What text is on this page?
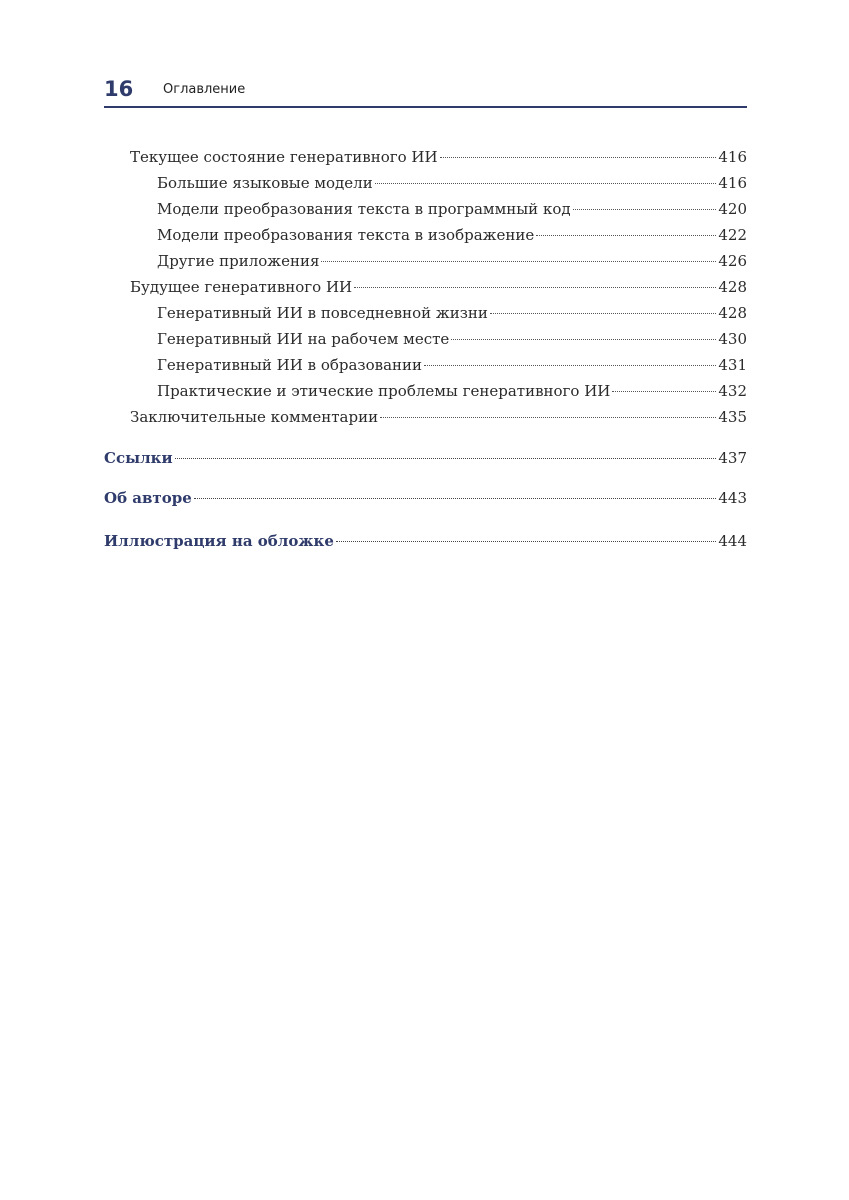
16 Оглавление
Текущее состояние генеративного ИИ	416
Большие языковые модели	416
Модели преобразования текста в программный код	420
Модели преобразования текста в изображение	422
Другие приложения	426
Будущее генеративного ИИ	428
Генеративный ИИ в повседневной жизни	428
Генеративный ИИ на рабочем месте	430
Генеративный ИИ в образовании	431
Практические и этические проблемы генеративного ИИ	432
Заключительные комментарии	435
Ссылки	437
Об авторе	443
Иллюстрация на обложке	444
